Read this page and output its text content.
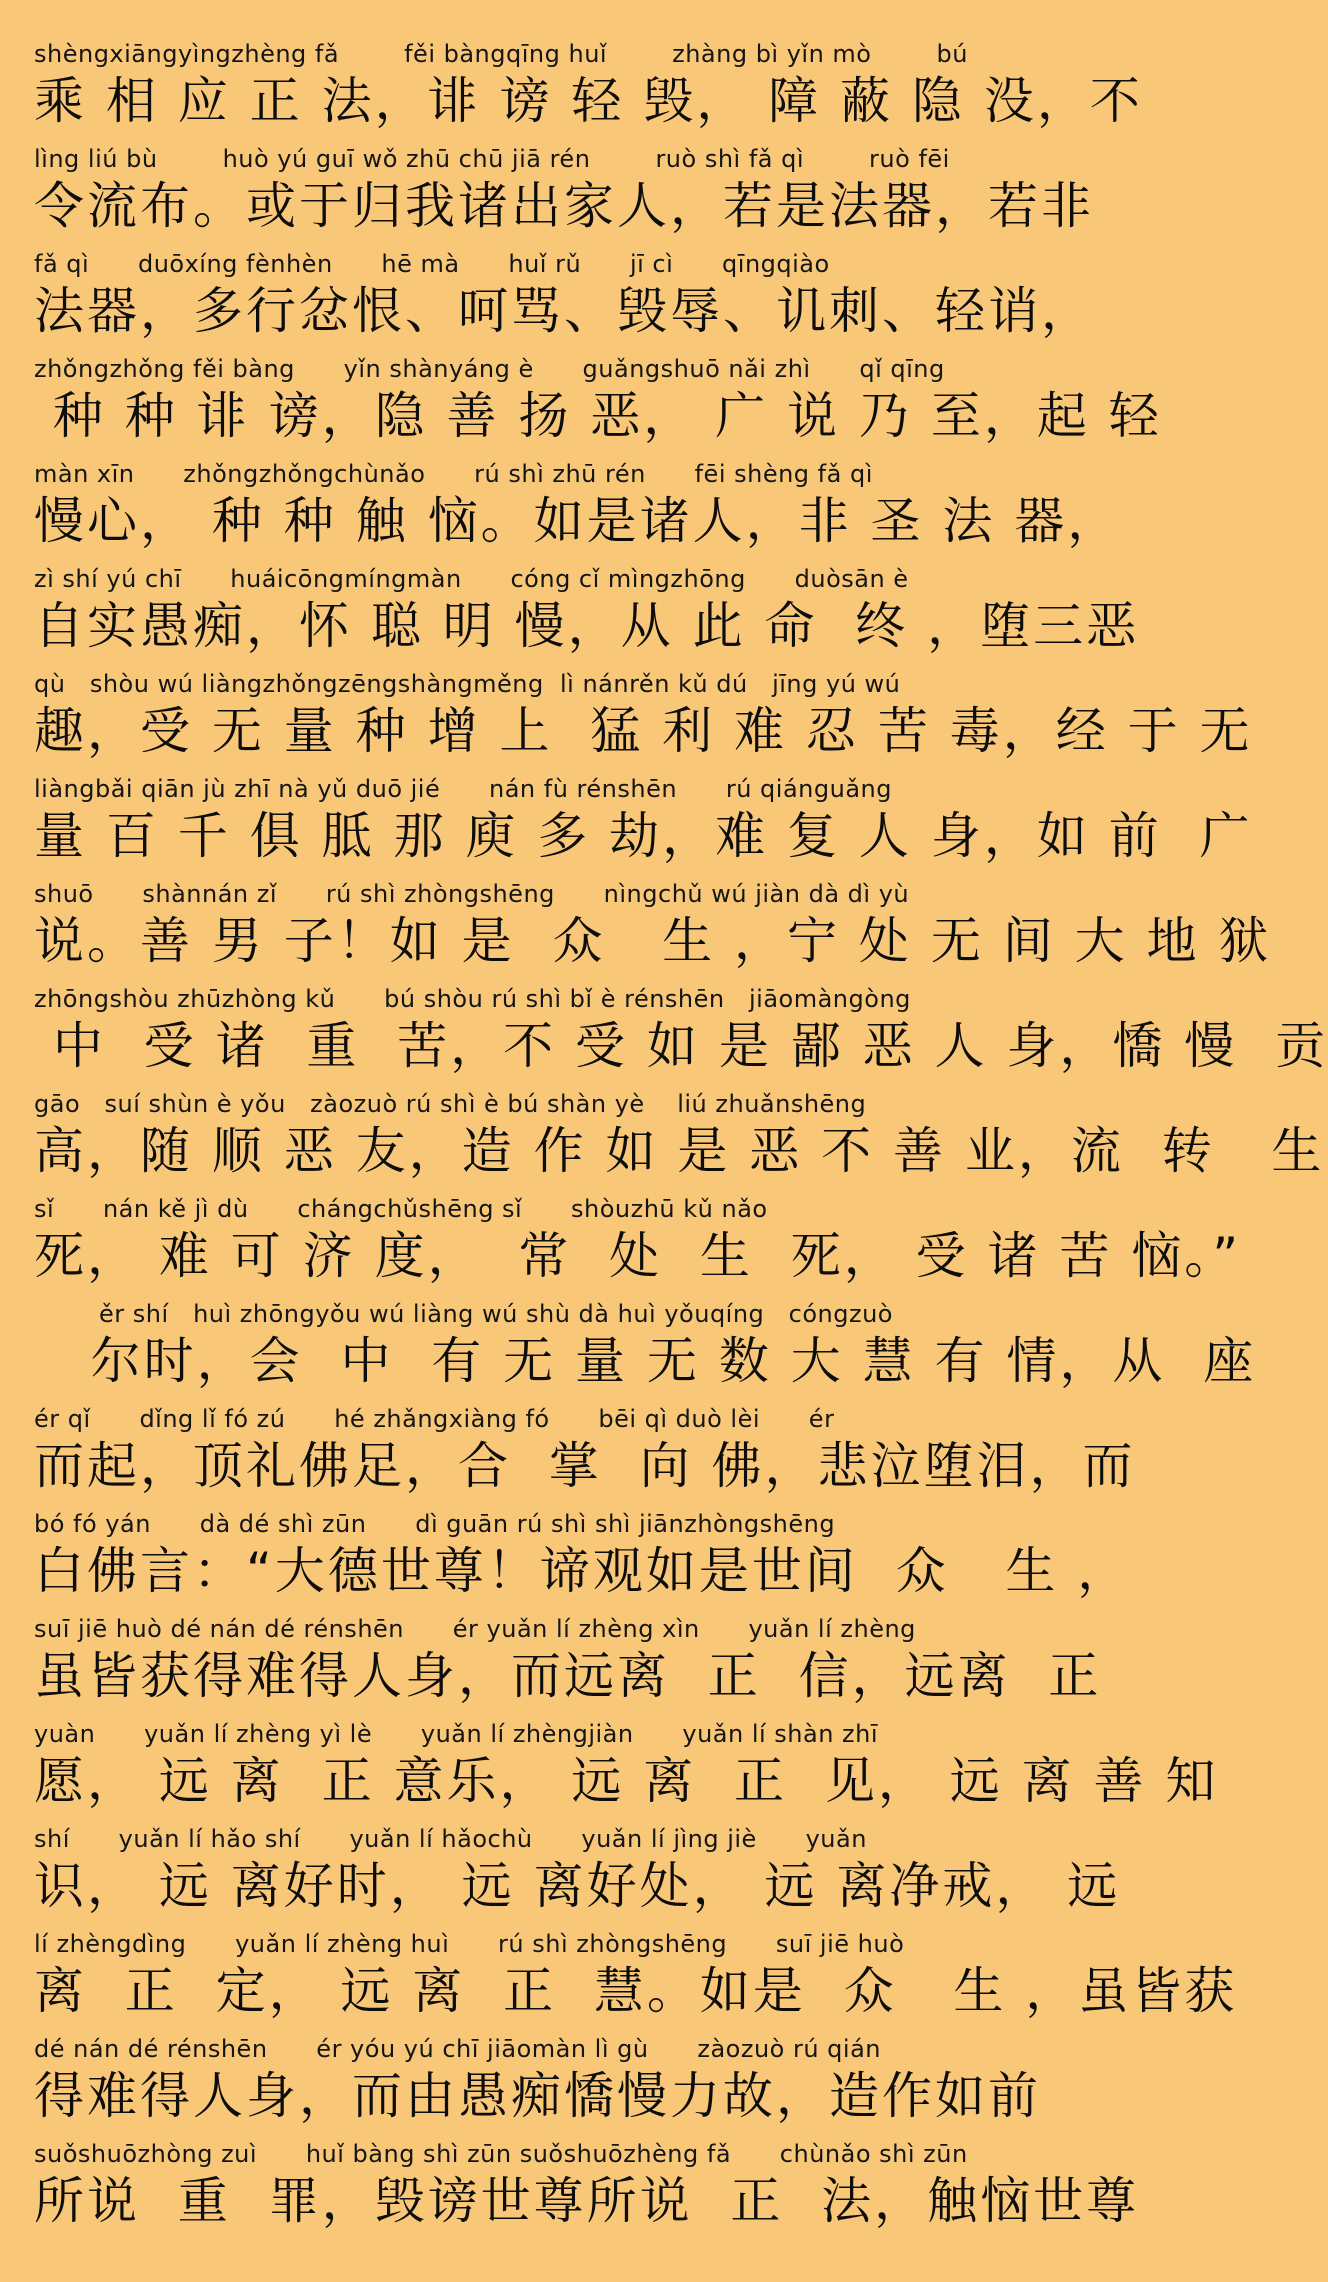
shèngxiāngyìngzhèng fǎ        fěi bàngqīng huǐ        zhàng bì yǐn mò        bú
乘 相 应 正 法，诽 谤 轻 毁， 障 蔽 隐 没，不
lìng liú bù        huò yú guī wǒ zhū chū jiā rén        ruò shì fǎ qì        ruò fēi
令流布。或于归我诸出家人，若是法器，若非
fǎ qì      duōxíng fènhèn      hē mà      huǐ rǔ      jī cì      qīngqiào
法器，多行忿恨、呵骂、毁辱、讥刺、轻诮，
zhǒngzhǒng fěi bàng      yǐn shànyáng è      guǎngshuō nǎi zhì      qǐ qīng
种 种 诽 谤，隐 善 扬 恶， 广 说 乃 至，起 轻
màn xīn      zhǒngzhǒngchùnǎo      rú shì zhū rén      fēi shèng fǎ qì
慢心， 种 种 触 恼。如是诸人，非 圣 法 器，
zì shí yú chī      huáicōngmíngmàn      cóng cǐ mìngzhōng      duòsān è
自实愚痴，怀 聪 明 慢，从 此 命  终 ，堕三恶
qù   shòu wú liàngzhǒngzēngshàngměng  lì nánrěn kǔ dú   jīng yú wú
趣，受 无 量 种 增 上  猛 利 难 忍 苦 毒，经 于 无
liàngbǎi qiān jù zhī nà yǔ duō jié      nán fù rénshēn      rú qiánguǎng
量 百 千 俱 胝 那 庾 多 劫，难 复 人 身，如 前  广
shuō      shànnán zǐ      rú shì zhòngshēng      nìngchǔ wú jiàn dà dì yù
说。善 男 子！如 是  众   生 ，宁 处 无 间 大 地 狱
zhōngshòu zhūzhòng kǔ      bú shòu rú shì bǐ è rénshēn   jiāomàngòng
中  受 诸  重  苦，不 受 如 是 鄙 恶 人 身，憍 慢  贡
gāo   suí shùn è yǒu   zàozuò rú shì è bú shàn yè    liú zhuǎnshēng
高，随 顺 恶 友，造 作 如 是 恶 不 善 业，流  转   生
sǐ      nán kě jì dù      chángchǔshēng sǐ      shòuzhū kǔ nǎo
死， 难 可 济 度，  常  处  生  死， 受 诸 苦 恼。”
ěr shí   huì zhōngyǒu wú liàng wú shù dà huì yǒuqíng   cóngzuò
尔时，会  中  有 无 量 无 数 大 慧 有 情，从  座
ér qǐ      dǐng lǐ fó zú      hé zhǎngxiàng fó      bēi qì duò lèi      ér
而起，顶礼佛足，合  掌  向 佛，悲泣堕泪，而
bó fó yán      dà dé shì zūn      dì guān rú shì shì jiānzhòngshēng
白佛言：“大德世尊！谛观如是世间  众   生 ，
suī jiē huò dé nán dé rénshēn      ér yuǎn lí zhèng xìn      yuǎn lí zhèng
虽皆获得难得人身，而远离  正  信，远离  正
yuàn      yuǎn lí zhèng yì lè      yuǎn lí zhèngjiàn      yuǎn lí shàn zhī
愿， 远 离  正 意乐， 远 离  正  见， 远 离 善 知
shí      yuǎn lí hǎo shí      yuǎn lí hǎochù      yuǎn lí jìng jiè      yuǎn
识， 远 离好时， 远 离好处， 远 离净戒， 远
lí zhèngdìng      yuǎn lí zhèng huì      rú shì zhòngshēng      suī jiē huò
离  正  定， 远 离  正  慧。如是  众   生 ，虽皆获
dé nán dé rénshēn      ér yóu yú chī jiāomàn lì gù      zàozuò rú qián
得难得人身，而由愚痴憍慢力故，造作如前
suǒshuōzhòng zuì      huǐ bàng shì zūn suǒshuōzhèng fǎ      chùnǎo shì zūn
所说  重  罪，毁谤世尊所说  正  法，触恼世尊
